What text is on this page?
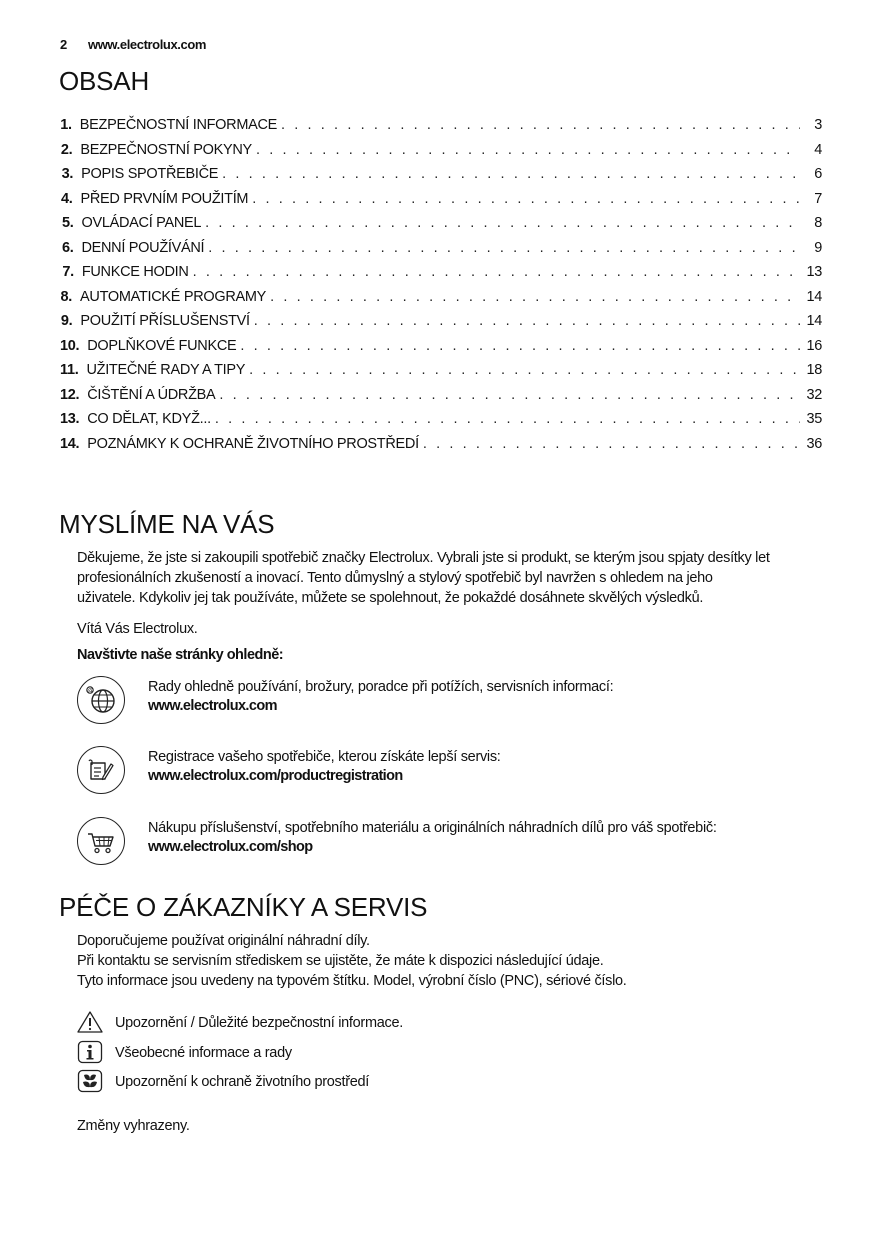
2 www.electrolux.com
OBSAH
1. BEZPEČNOSTNÍ INFORMACE . . .	3
2. BEZPEČNOSTNÍ POKYNY . . .	4
3. POPIS SPOTŘEBIČE . . .	6
4. PŘED PRVNÍM POUŽITÍM . . .	7
5. OVLÁDACÍ PANEL . . .	8
6. DENNÍ POUŽÍVÁNÍ . . .	9
7. FUNKCE HODIN . . .	13
8. AUTOMATICKÉ PROGRAMY . . .	14
9. POUŽITÍ PŘÍSLUŠENSTVÍ . . .	14
10. DOPLŇKOVÉ FUNKCE . . .	16
11. UŽITEČNÉ RADY A TIPY . . .	18
12. ČIŠTĚNÍ A ÚDRŽBA . . .	32
13. CO DĚLAT, KDYŽ... . . .	35
14. POZNÁMKY K OCHRANĚ ŽIVOTNÍHO PROSTŘEDÍ . . .	36
MYSLÍME NA VÁS

Děkujeme, že jste si zakoupili spotřebič značky Electrolux. Vybrali jste si produkt, se kterým jsou spjaty desítky let

profesionálních zkušeností a inovací. Tento důmyslný a stylový spotřebič byl navržen s ohledem na jeho

uživatele. Kdykoliv jej tak používáte, můžete se spolehnout, že pokaždé dosáhnete skvělých výsledků.

Vítá Vás Electrolux.
Navštivte naše stránky ohledně:
@	Rady ohledně používání, brožury, poradce při potížích, servisních informací:
www.electrolux.com
Registrace vašeho spotřebiče, kterou získáte lepší servis:
www.electrolux.com/productregistration
Nákupu příslušenství, spotřebního materiálu a originálních náhradních dílů pro váš spotřebič:
www.electrolux.com/shop
PÉČE O ZÁKAZNÍKY A SERVIS

Doporučujeme používat originální náhradní díly.

Při kontaktu se servisním střediskem se ujistěte, že máte k dispozici následující údaje.

Tyto informace jsou uvedeny na typovém štítku. Model, výrobní číslo (PNC), sériové číslo.

Upozornění / Důležité bezpečnostní informace.
Všeobecné informace a rady
Upozornění k ochraně životního prostředí
Změny vyhrazeny.
